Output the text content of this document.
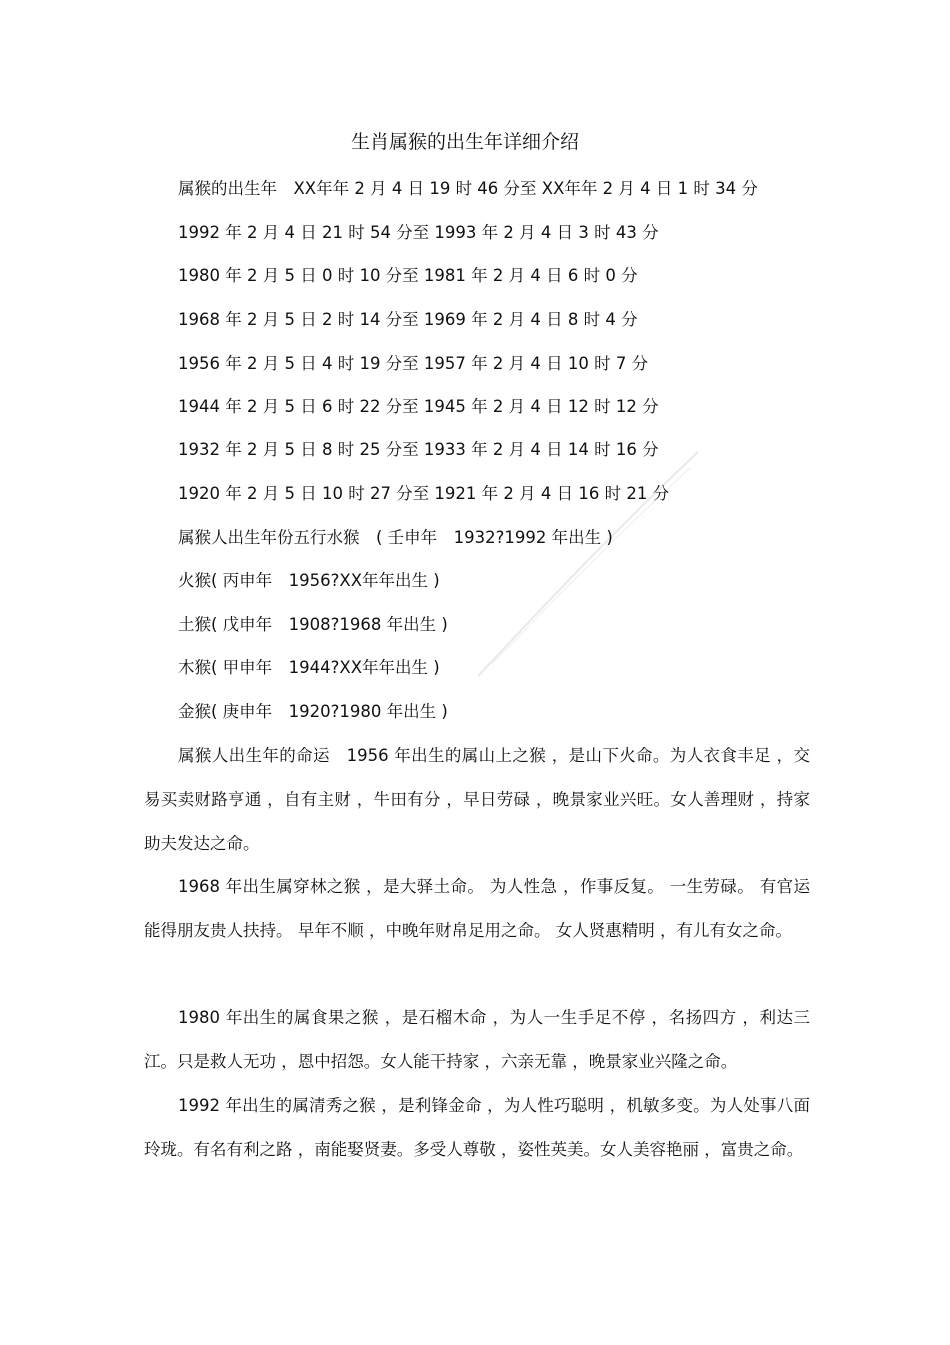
生肖属猴的出生年详细介绍
属猴的出生年　XX年年 2 月 4 日 19 时 46 分至 XX年年 2 月 4 日 1 时 34 分
1992 年 2 月 4 日 21 时 54 分至 1993 年 2 月 4 日 3 时 43 分
1980 年 2 月 5 日 0 时 10 分至 1981 年 2 月 4 日 6 时 0 分
1968 年 2 月 5 日 2 时 14 分至 1969 年 2 月 4 日 8 时 4 分
1956 年 2 月 5 日 4 时 19 分至 1957 年 2 月 4 日 10 时 7 分
1944 年 2 月 5 日 6 时 22 分至 1945 年 2 月 4 日 12 时 12 分
1932 年 2 月 5 日 8 时 25 分至 1933 年 2 月 4 日 14 时 16 分
1920 年 2 月 5 日 10 时 27 分至 1921 年 2 月 4 日 16 时 21 分
属猴人出生年份五行水猴　( 壬申年　1932?1992 年出生 )
火猴( 丙申年　1956?XX年年出生 )
土猴( 戊申年　1908?1968 年出生 )
木猴( 甲申年　1944?XX年年出生 )
金猴( 庚申年　1920?1980 年出生 )
属猴人出生年的命运　1956 年出生的属山上之猴 ，是山下火命。为人衣食丰足 ，交易买卖财路亨通 ，自有主财 ，牛田有分 ，早日劳碌 ，晚景家业兴旺。女人善理财 ，持家助夫发达之命。
1968 年出生属穿林之猴 ，是大驿土命。 为人性急 ，作事反复。 一生劳碌。 有官运能得朋友贵人扶持。 早年不顺 ，中晚年财帛足用之命。 女人贤惠精明 ，有儿有女之命。
1980 年出生的属食果之猴 ，是石榴木命 ，为人一生手足不停 ，名扬四方 ，利达三江。只是救人无功 ，恩中招怨。女人能干持家 ，六亲无靠 ，晚景家业兴隆之命。
1992 年出生的属清秀之猴 ，是利锋金命 ，为人性巧聪明 ，机敏多变。为人处事八面玲珑。有名有利之路 ，南能娶贤妻。多受人尊敬 ，姿性英美。女人美容艳丽 ，富贵之命。
